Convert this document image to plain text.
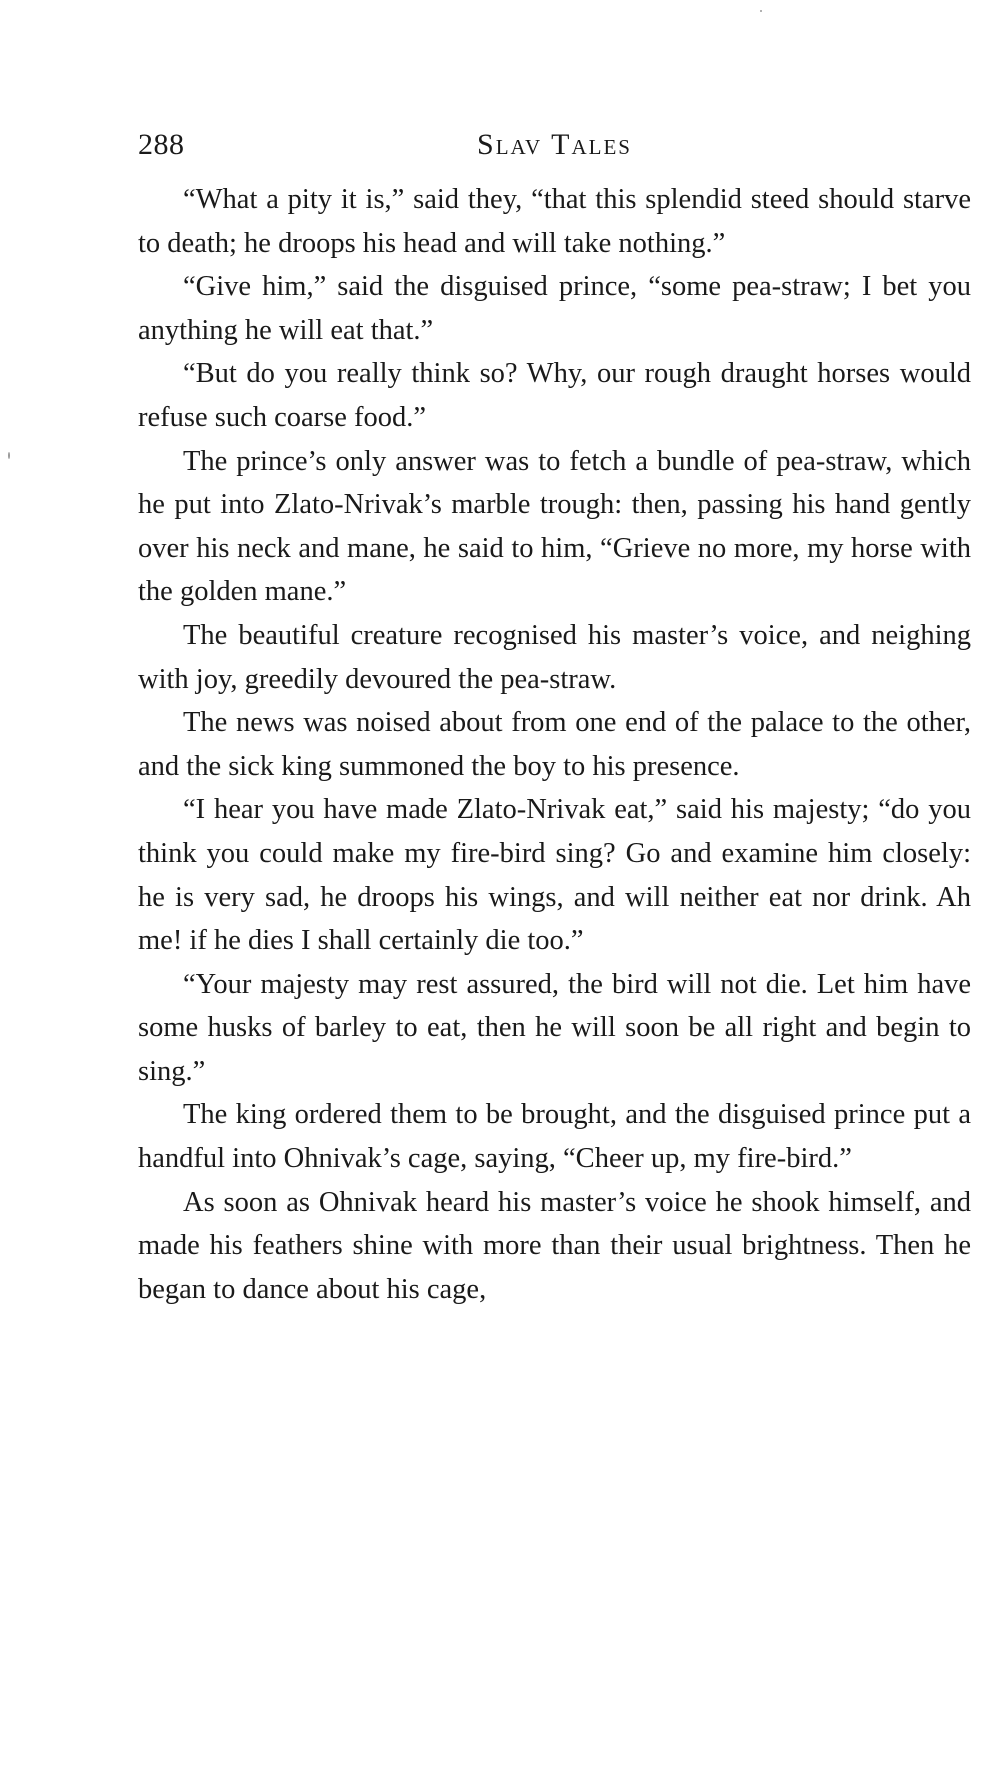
288	Slav Tales

“What a pity it is,” said they, “that this splendid steed should starve to death; he droops his head and will take nothing.”

“Give him,” said the disguised prince, “some pea-straw; I bet you anything he will eat that.”

“But do you really think so? Why, our rough draught horses would refuse such coarse food.”

The prince’s only answer was to fetch a bundle of pea-straw, which he put into Zlato-Nrivak’s marble trough: then, passing his hand gently over his neck and mane, he said to him, “Grieve no more, my horse with the golden mane.”

The beautiful creature recognised his master’s voice, and neighing with joy, greedily devoured the pea-straw.

The news was noised about from one end of the palace to the other, and the sick king summoned the boy to his presence.

“I hear you have made Zlato-Nrivak eat,” said his majesty; “do you think you could make my fire-bird sing? Go and examine him closely: he is very sad, he droops his wings, and will neither eat nor drink. Ah me! if he dies I shall certainly die too.”

“Your majesty may rest assured, the bird will not die. Let him have some husks of barley to eat, then he will soon be all right and begin to sing.”

The king ordered them to be brought, and the disguised prince put a handful into Ohnivak’s cage, saying, “Cheer up, my fire-bird.”

As soon as Ohnivak heard his master’s voice he shook himself, and made his feathers shine with more than their usual brightness. Then he began to dance about his cage,
